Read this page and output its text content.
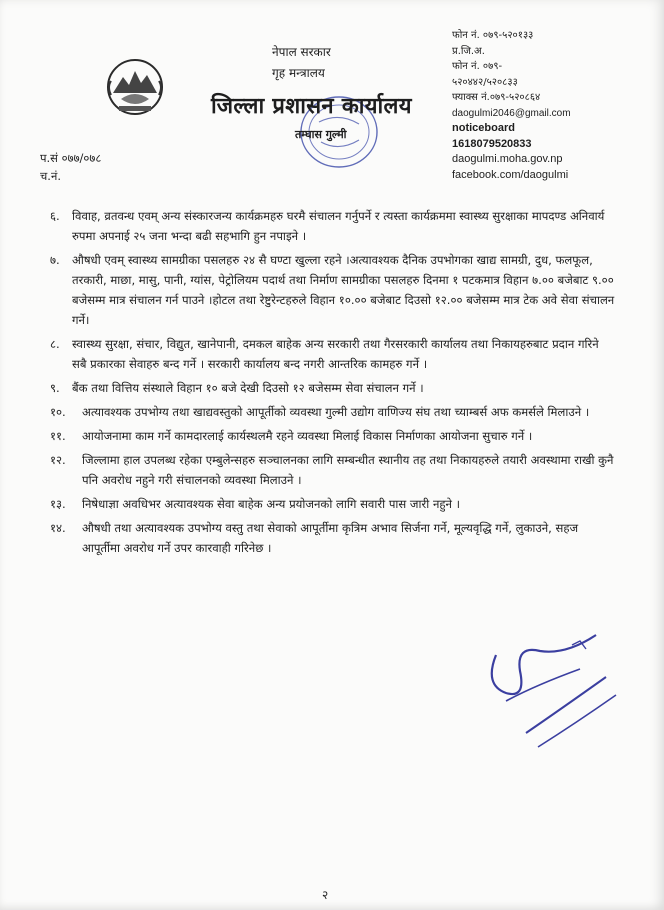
नेपाल सरकार
गृह मन्त्रालय
जिल्ला प्रशासन कार्यालय
तम्घास गुल्मी
फोन नं. ०७९-५२०१३३
प्र.जि.अ.
फोन नं. ०७९-
५२०४४२/५२०८३३
फ्याक्स नं.०७९-५२०८६४
daogulmi2046@gmail.com
noticeboard
1618079520833
daogulmi.moha.gov.np
facebook.com/daogulmi
प.सं ०७७/०७८
च.नं.
६. विवाह, व्रतवन्ध एवम् अन्य संस्कारजन्य कार्यक्रमहरु घरमै संचालन गर्नुपर्ने र त्यस्ता कार्यक्रममा स्वास्थ्य सुरक्षाका मापदण्ड अनिवार्य रुपमा अपनाई २५ जना भन्दा बढी सहभागि हुन नपाइने ।
७. औषधी एवम् स्वास्थ्य सामग्रीका पसलहरु २४ सै घण्टा खुल्ला रहने ।अत्यावश्यक दैनिक उपभोगका खाद्य सामग्री, दुध, फलफूल, तरकारी, माछा, मासु, पानी, ग्यांस, पेट्रोलियम पदार्थ तथा निर्माण सामग्रीका पसलहरु दिनमा १ पटकमात्र विहान ७.०० बजेबाट ९.०० बजेसम्म मात्र संचालन गर्न पाउने ।होटल तथा रेष्टुरेन्टहरुले विहान १०.०० बजेबाट दिउसो १२.०० बजेसम्म मात्र टेक अवे सेवा संचालन गर्ने।
८. स्वास्थ्य सुरक्षा, संचार, विद्युत, खानेपानी, दमकल बाहेक अन्य सरकारी तथा गैरसरकारी कार्यालय तथा निकायहरुबाट प्रदान गरिने सबै प्रकारका सेवाहरु बन्द गर्ने । सरकारी कार्यालय बन्द नगरी आन्तरिक कामहरु गर्ने ।
९. बैंक तथा वित्तिय संस्थाले विहान १० बजे देखी दिउसो १२ बजेसम्म सेवा संचालन गर्ने ।
१०. अत्यावश्यक उपभोग्य तथा खाद्यवस्तुको आपूर्तीको व्यवस्था गुल्मी उद्योग वाणिज्य संघ तथा च्याम्बर्स अफ कमर्सले मिलाउने ।
११. आयोजनामा काम गर्ने कामदारलाई कार्यस्थलमै रहने व्यवस्था मिलाई विकास निर्माणका आयोजना सुचारु गर्ने ।
१२. जिल्लामा हाल उपलब्ध रहेका एम्बुलेन्सहरु सञ्चालनका लागि सम्बन्धीत स्थानीय तह तथा निकायहरुले तयारी अवस्थामा राखी कुनै पनि अवरोध नहुने गरी संचालनको व्यवस्था मिलाउने ।
१३. निषेधाज्ञा अवधिभर अत्यावश्यक सेवा बाहेक अन्य प्रयोजनको लागि सवारी पास जारी नहुने ।
१४. औषधी तथा अत्यावश्यक उपभोग्य वस्तु तथा सेवाको आपूर्तीमा कृत्रिम अभाव सिर्जना गर्ने, मूल्यवृद्धि गर्ने, लुकाउने, सहज आपूर्तीमा अवरोध गर्ने उपर कारवाही गरिनेछ ।
२
